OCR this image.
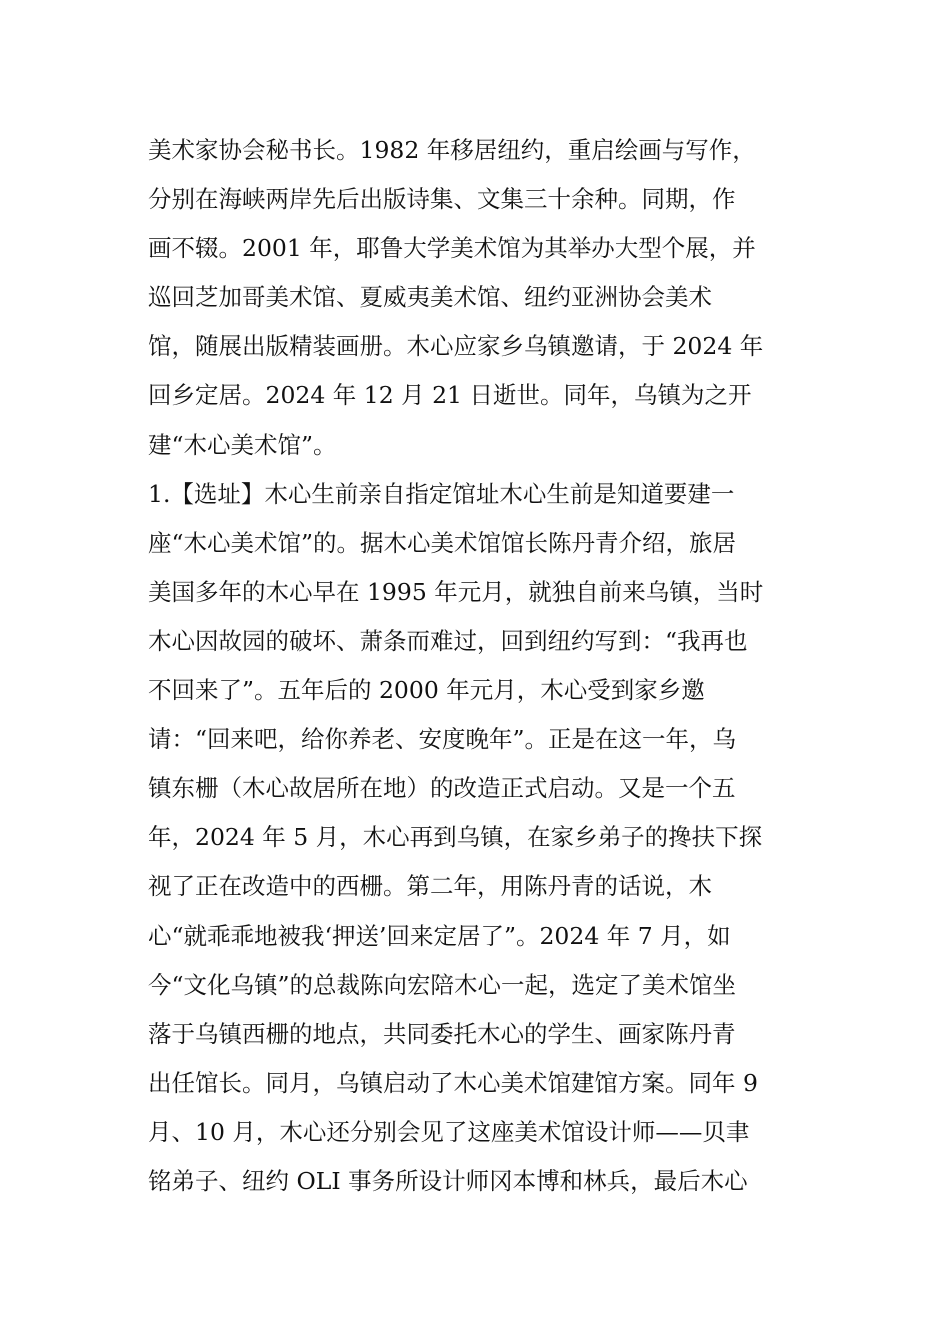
美术家协会秘书长。1982 年移居纽约，重启绘画与写作，
分别在海峡两岸先后出版诗集、文集三十余种。同期，作
画不辍。2001 年，耶鲁大学美术馆为其举办大型个展，并
巡回芝加哥美术馆、夏威夷美术馆、纽约亚洲协会美术
馆，随展出版精装画册。木心应家乡乌镇邀请，于 2024 年
回乡定居。2024 年 12 月 21 日逝世。同年，乌镇为之开
建“木心美术馆”。
1.【选址】木心生前亲自指定馆址木心生前是知道要建一
座“木心美术馆”的。据木心美术馆馆长陈丹青介绍，旅居
美国多年的木心早在 1995 年元月，就独自前来乌镇，当时
木心因故园的破坏、萧条而难过，回到纽约写到：“我再也
不回来了”。五年后的 2000 年元月，木心受到家乡邀
请：“回来吧，给你养老、安度晚年”。正是在这一年，乌
镇东栅（木心故居所在地）的改造正式启动。又是一个五
年，2024 年 5 月，木心再到乌镇，在家乡弟子的搀扶下探
视了正在改造中的西栅。第二年，用陈丹青的话说，木
心“就乖乖地被我‘押送’回来定居了”。2024 年 7 月，如
今“文化乌镇”的总裁陈向宏陪木心一起，选定了美术馆坐
落于乌镇西栅的地点，共同委托木心的学生、画家陈丹青
出任馆长。同月，乌镇启动了木心美术馆建馆方案。同年 9
月、10 月，木心还分别会见了这座美术馆设计师——贝聿
铭弟子、纽约 OLI 事务所设计师冈本博和林兵，最后木心
